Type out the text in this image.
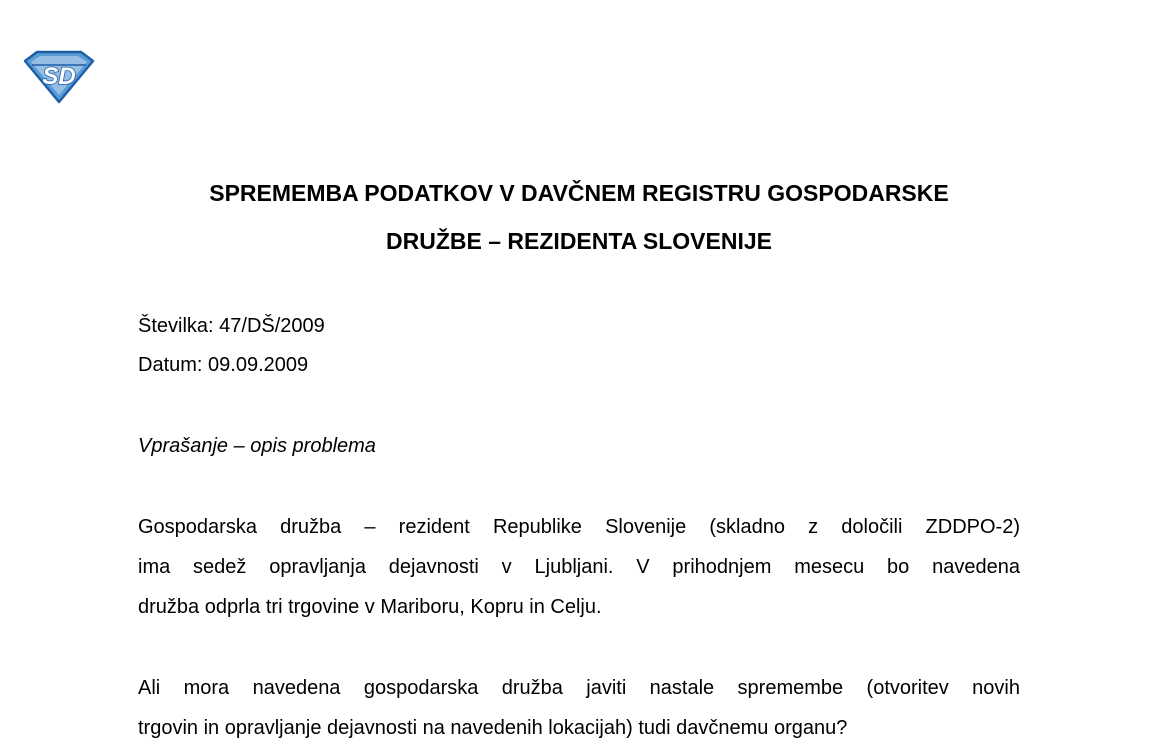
SD
SPREMEMBA PODATKOV V DAVČNEM REGISTRU GOSPODARSKE
DRUŽBE – REZIDENTA SLOVENIJE
Številka: 47/DŠ/2009
Datum: 09.09.2009
Vprašanje – opis problema
Gospodarska družba – rezident Republike Slovenije (skladno z določili ZDDPO-2)
ima sedež opravljanja dejavnosti v Ljubljani. V prihodnjem mesecu bo navedena
družba odprla tri trgovine v Mariboru, Kopru in Celju.
Ali mora navedena gospodarska družba javiti nastale spremembe (otvoritev novih
trgovin in opravljanje dejavnosti na navedenih lokacijah) tudi davčnemu organu?
